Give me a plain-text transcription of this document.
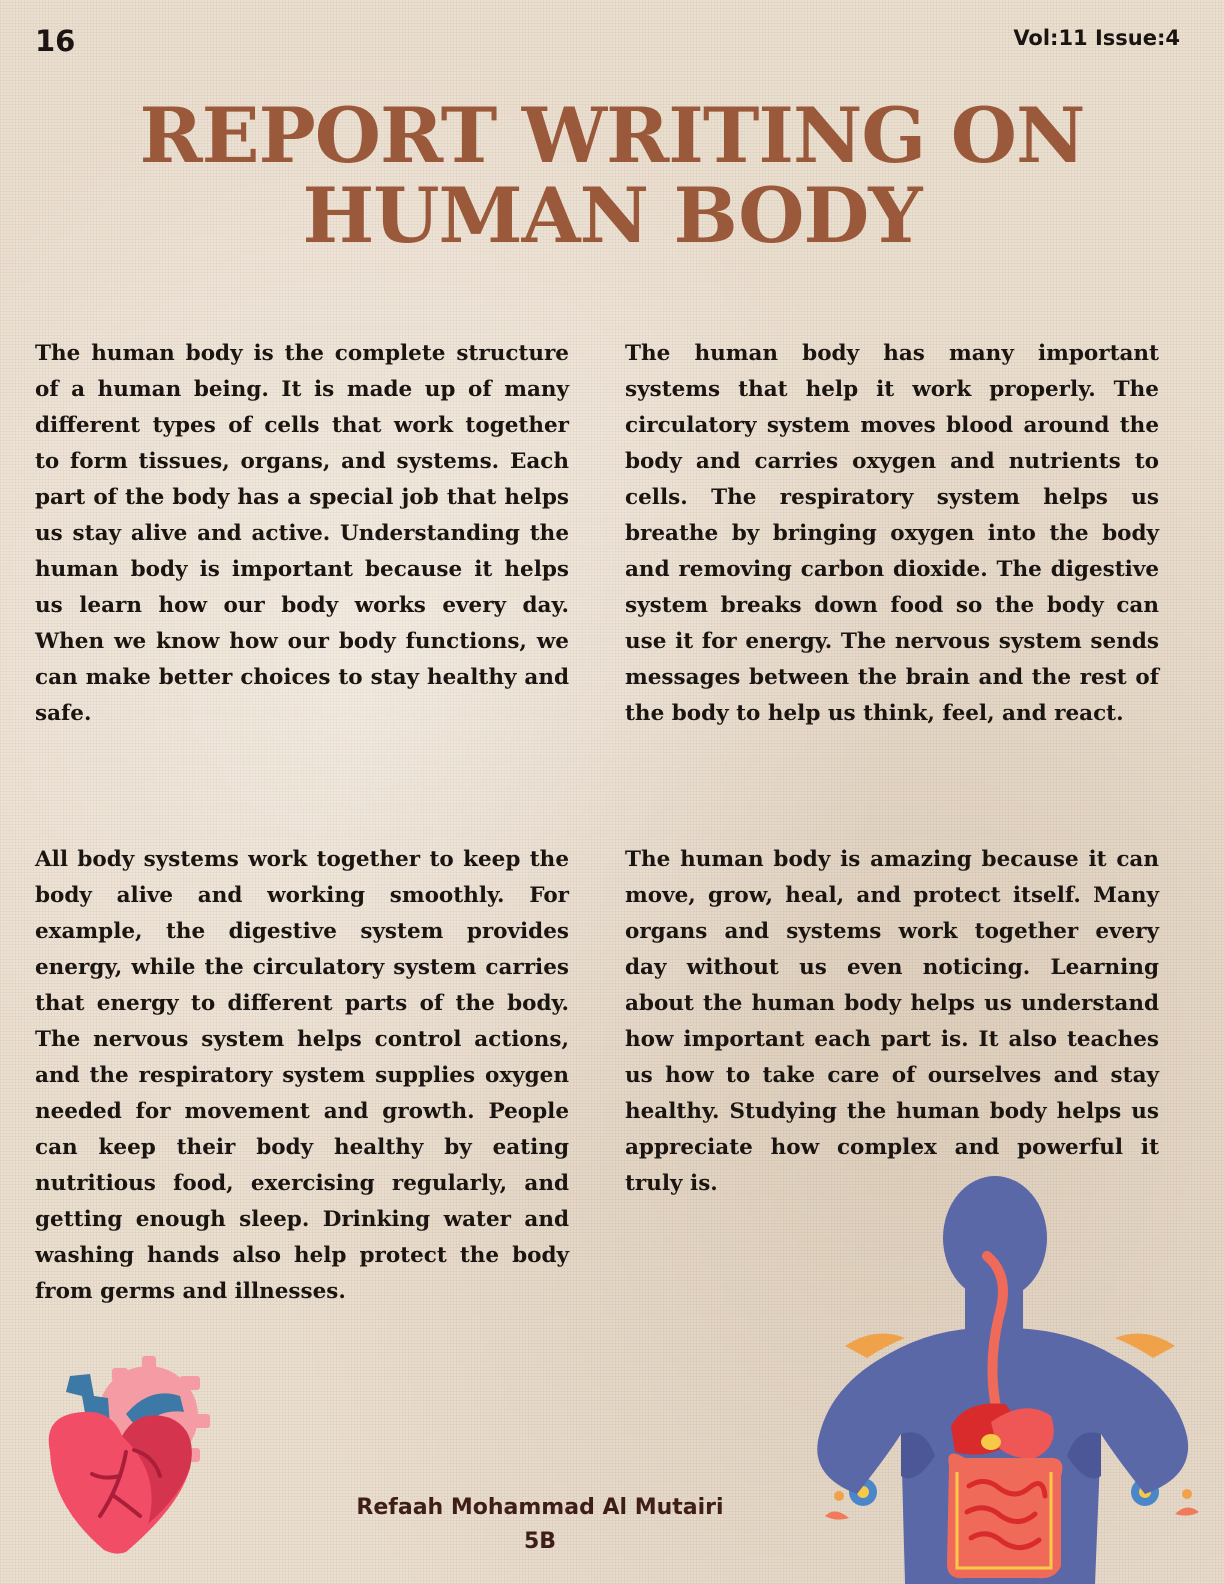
16	Vol:11 Issue:4
REPORT WRITING ON
HUMAN BODY

The human body is the complete structure of a human being. It is made up of many different types of cells that work together to form tissues, organs, and systems. Each part of the body has a special job that helps us stay alive and active. Understanding the human body is important because it helps us learn how our body works every day. When we know how our body functions, we can make better choices to stay healthy and safe.

The human body has many important systems that help it work properly. The circulatory system moves blood around the body and carries oxygen and nutrients to cells. The respiratory system helps us breathe by bringing oxygen into the body and removing carbon dioxide. The digestive system breaks down food so the body can use it for energy. The nervous system sends messages between the brain and the rest of the body to help us think, feel, and react.

All body systems work together to keep the body alive and working smoothly. For example, the digestive system provides energy, while the circulatory system carries that energy to different parts of the body. The nervous system helps control actions, and the respiratory system supplies oxygen needed for movement and growth. People can keep their body healthy by eating nutritious food, exercising regularly, and getting enough sleep. Drinking water and washing hands also help protect the body from germs and illnesses.

The human body is amazing because it can move, grow, heal, and protect itself. Many organs and systems work together every day without us even noticing. Learning about the human body helps us understand how important each part is. It also teaches us how to take care of ourselves and stay healthy. Studying the human body helps us appreciate how complex and powerful it truly is.

Refaah Mohammad Al Mutairi
5B
